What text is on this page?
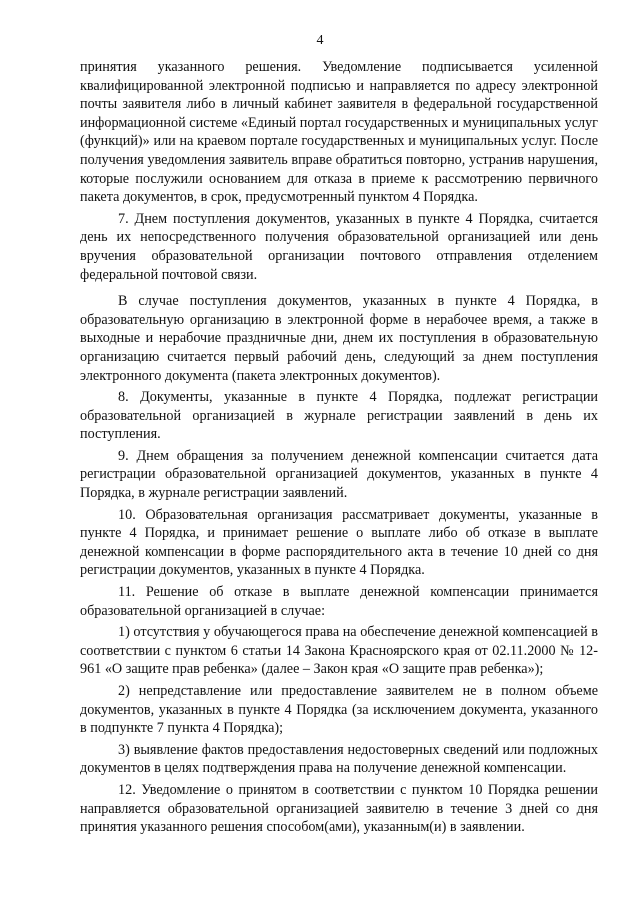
4

принятия указанного решения. Уведомление подписывается усиленной квалифицированной электронной подписью и направляется по адресу электронной почты заявителя либо в личный кабинет заявителя в федеральной государственной информационной системе «Единый портал государственных и муниципальных услуг (функций)» или на краевом портале государственных и муниципальных услуг. После получения уведомления заявитель вправе обратиться повторно, устранив нарушения, которые послужили основанием для отказа в приеме к рассмотрению первичного пакета документов, в срок, предусмотренный пунктом 4 Порядка.

7. Днем поступления документов, указанных в пункте 4 Порядка, считается день их непосредственного получения образовательной организацией или день вручения образовательной организации почтового отправления отделением федеральной почтовой связи.

В случае поступления документов, указанных в пункте 4 Порядка, в образовательную организацию в электронной форме в нерабочее время, а также в выходные и нерабочие праздничные дни, днем их поступления в образовательную организацию считается первый рабочий день, следующий за днем поступления электронного документа (пакета электронных документов).

8. Документы, указанные в пункте 4 Порядка, подлежат регистрации образовательной организацией в журнале регистрации заявлений в день их поступления.

9. Днем обращения за получением денежной компенсации считается дата регистрации образовательной организацией документов, указанных в пункте 4 Порядка, в журнале регистрации заявлений.

10. Образовательная организация рассматривает документы, указанные в пункте 4 Порядка, и принимает решение о выплате либо об отказе в выплате денежной компенсации в форме распорядительного акта в течение 10 дней со дня регистрации документов, указанных в пункте 4 Порядка.

11. Решение об отказе в выплате денежной компенсации принимается образовательной организацией в случае:

1) отсутствия у обучающегося права на обеспечение денежной компенсацией в соответствии с пунктом 6 статьи 14 Закона Красноярского края от 02.11.2000 № 12-961 «О защите прав ребенка» (далее – Закон края «О защите прав ребенка»);

2) непредставление или предоставление заявителем не в полном объеме документов, указанных в пункте 4 Порядка (за исключением документа, указанного в подпункте 7 пункта 4 Порядка);

3) выявление фактов предоставления недостоверных сведений или подложных документов в целях подтверждения права на получение денежной компенсации.

12. Уведомление о принятом в соответствии с пунктом 10 Порядка решении направляется образовательной организацией заявителю в течение 3 дней со дня принятия указанного решения способом(ами), указанным(и) в заявлении.
